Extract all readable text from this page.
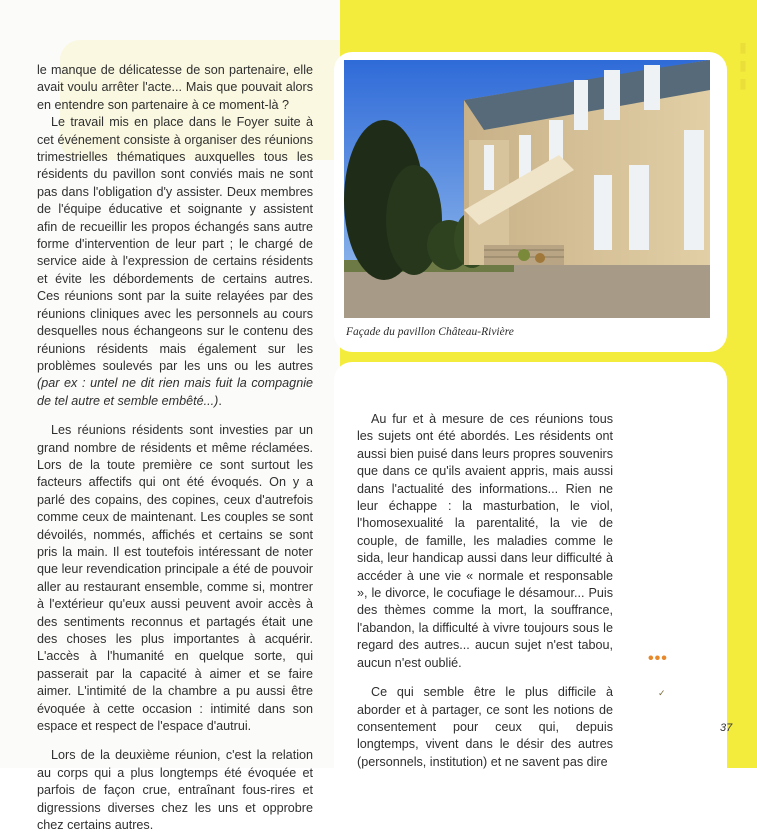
▮▮▮
Façade du pavillon Château-Rivière

le manque de délicatesse de son partenaire, elle avait voulu arrêter l'acte... Mais que pouvait alors en entendre son partenaire à ce moment-là ?

Le travail mis en place dans le Foyer suite à cet événement consiste à organiser des réunions trimestrielles thématiques auxquelles tous les résidents du pavillon sont conviés mais ne sont pas dans l'obligation d'y assister. Deux membres de l'équipe éducative et soignante y assistent afin de recueillir les propos échangés sans autre forme d'intervention de leur part ; le chargé de service aide à l'expression de certains résidents et évite les débordements de certains autres. Ces réunions sont par la suite relayées par des réunions cliniques avec les personnels au cours desquelles nous échangeons sur le contenu des réunions résidents mais également sur les problèmes soulevés par les uns ou les autres (par ex : untel ne dit rien mais fuit la compagnie de tel autre et semble embêté...).

Les réunions résidents sont investies par un grand nombre de résidents et même réclamées. Lors de la toute première ce sont surtout les facteurs affectifs qui ont été évoqués. On y a parlé des copains, des copines, ceux d'autrefois comme ceux de maintenant. Les couples se sont dévoilés, nommés, affichés et certains se sont pris la main. Il est toutefois intéressant de noter que leur revendication principale a été de pouvoir aller au restaurant ensemble, comme si, montrer à l'extérieur qu'eux aussi peuvent avoir accès à des sentiments reconnus et partagés était une des choses les plus importantes à acquérir. L'accès à l'humanité en quelque sorte, qui passerait par la capacité à aimer et se faire aimer. L'intimité de la chambre a pu aussi être évoquée à cette occasion : intimité dans son espace et respect de l'espace d'autrui.

Lors de la deuxième réunion, c'est la relation au corps qui a plus longtemps été évoquée et parfois de façon crue, entraînant fous-rires et digressions diverses chez les uns et opprobre chez certains autres.

Au fur et à mesure de ces réunions tous les sujets ont été abordés. Les résidents ont aussi bien puisé dans leurs propres souvenirs que dans ce qu'ils avaient appris, mais aussi dans l'actualité des informations... Rien ne leur échappe : la masturbation, le viol, l'homosexualité la parentalité, la vie de couple, de famille, les maladies comme le sida, leur handicap aussi dans leur difficulté à accéder à une vie « normale et responsable », le divorce, le cocufiage le désamour... Puis des thèmes comme la mort, la souffrance, l'abandon, la difficulté à vivre toujours sous le regard des autres... aucun sujet n'est tabou, aucun n'est oublié.

Ce qui semble être le plus difficile à aborder et à partager, ce sont les notions de consentement pour ceux qui, depuis longtemps, vivent dans le désir des autres (personnels, institution) et ne savent pas dire

•••
✓
37
